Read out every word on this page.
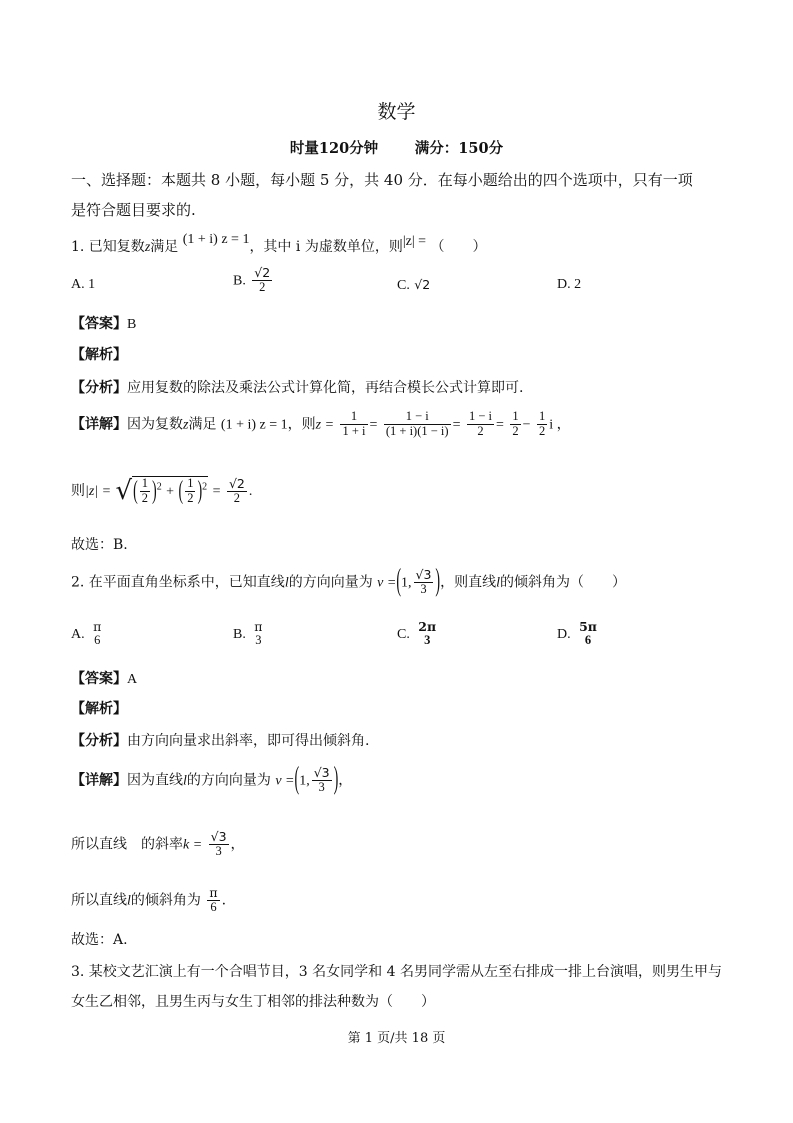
数学
时量120分钟	满分：150分
一、选择题：本题共 8 小题，每小题 5 分，共 40 分．在每小题给出的四个选项中，只有一项
是符合题目要求的.
1. 已知复数z满足 (1 + i) z = 1，其中 i 为虚数单位，则|z| = （　　）
A. 1	B. $\frac{√2}{2}$	C. √2	D. 2
【答案】B
【解析】
【分析】应用复数的除法及乘法公式计算化简，再结合模长公式计算即可.
【详解】因为复数z满足 (1 + i) z = 1，则$z = \frac{1}{1 + i} = \frac{1 - i}{(1 + i)(1 - i)} = \frac{1 - i}{2} = \frac{1}{2} - \frac{1}{2}$ i ，
则|z| = √( $\frac{1}{2} )^2$ + ( $\frac{1}{2} )^2 = \frac{√2}{2}$ .
故选：B.
2. 在平面直角坐标系中，已知直线l的方向向量为 v =(1, $\frac{√3}{3}$ )，则直线l的倾斜角为（　　）
A.
π
6	B.
π
3	C.
2π
3	D.
5π
6
【答案】A
【解析】
【分析】由方向向量求出斜率，即可得出倾斜角.
【详解】因为直线l的方向向量为 v =(1, $\frac{√3}{3}$ )，
所以直线　的斜率$k = \frac{√3}{3}$ ，
所以直线l的倾斜角为 $\frac{\pi}{6}$ .
故选：A.
3. 某校文艺汇演上有一个合唱节目，3 名女同学和 4 名男同学需从左至右排成一排上台演唱，则男生甲与
女生乙相邻，且男生丙与女生丁相邻的排法种数为（　　）
第 1 页/共 18 页
